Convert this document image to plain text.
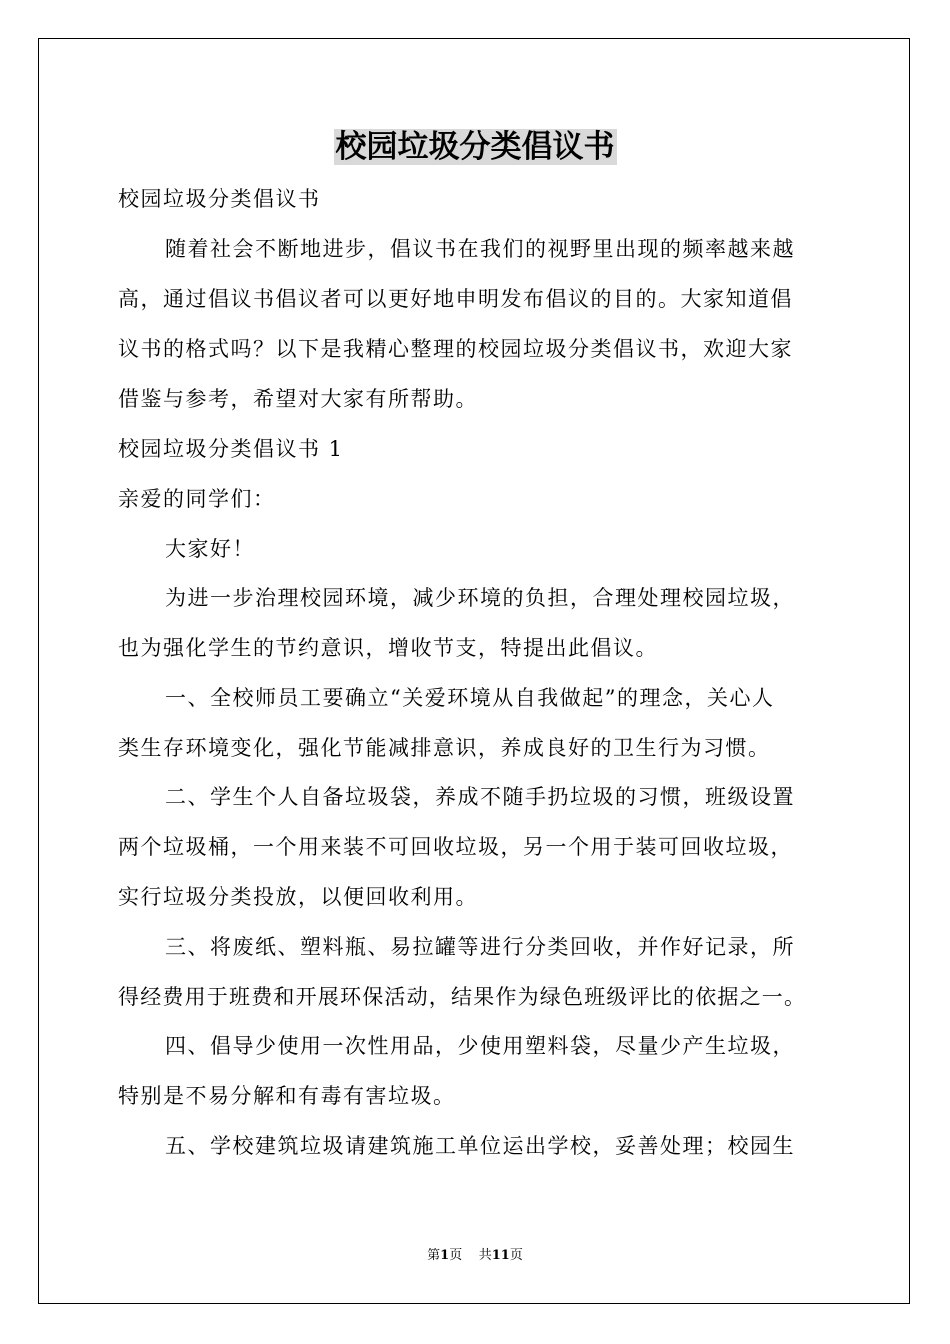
校园垃圾分类倡议书
校园垃圾分类倡议书
随着社会不断地进步，倡议书在我们的视野里出现的频率越来越
高，通过倡议书倡议者可以更好地申明发布倡议的目的。大家知道倡
议书的格式吗？以下是我精心整理的校园垃圾分类倡议书，欢迎大家
借鉴与参考，希望对大家有所帮助。
校园垃圾分类倡议书 1
亲爱的同学们：
大家好！
为进一步治理校园环境，减少环境的负担，合理处理校园垃圾，
也为强化学生的节约意识，增收节支，特提出此倡议。
一、全校师员工要确立“关爱环境从自我做起”的理念，关心人
类生存环境变化，强化节能减排意识，养成良好的卫生行为习惯。
二、学生个人自备垃圾袋，养成不随手扔垃圾的习惯，班级设置
两个垃圾桶，一个用来装不可回收垃圾，另一个用于装可回收垃圾，
实行垃圾分类投放，以便回收利用。
三、将废纸、塑料瓶、易拉罐等进行分类回收，并作好记录，所
得经费用于班费和开展环保活动，结果作为绿色班级评比的依据之一。
四、倡导少使用一次性用品，少使用塑料袋，尽量少产生垃圾，
特别是不易分解和有毒有害垃圾。
五、学校建筑垃圾请建筑施工单位运出学校，妥善处理；校园生
第1页 共11页
